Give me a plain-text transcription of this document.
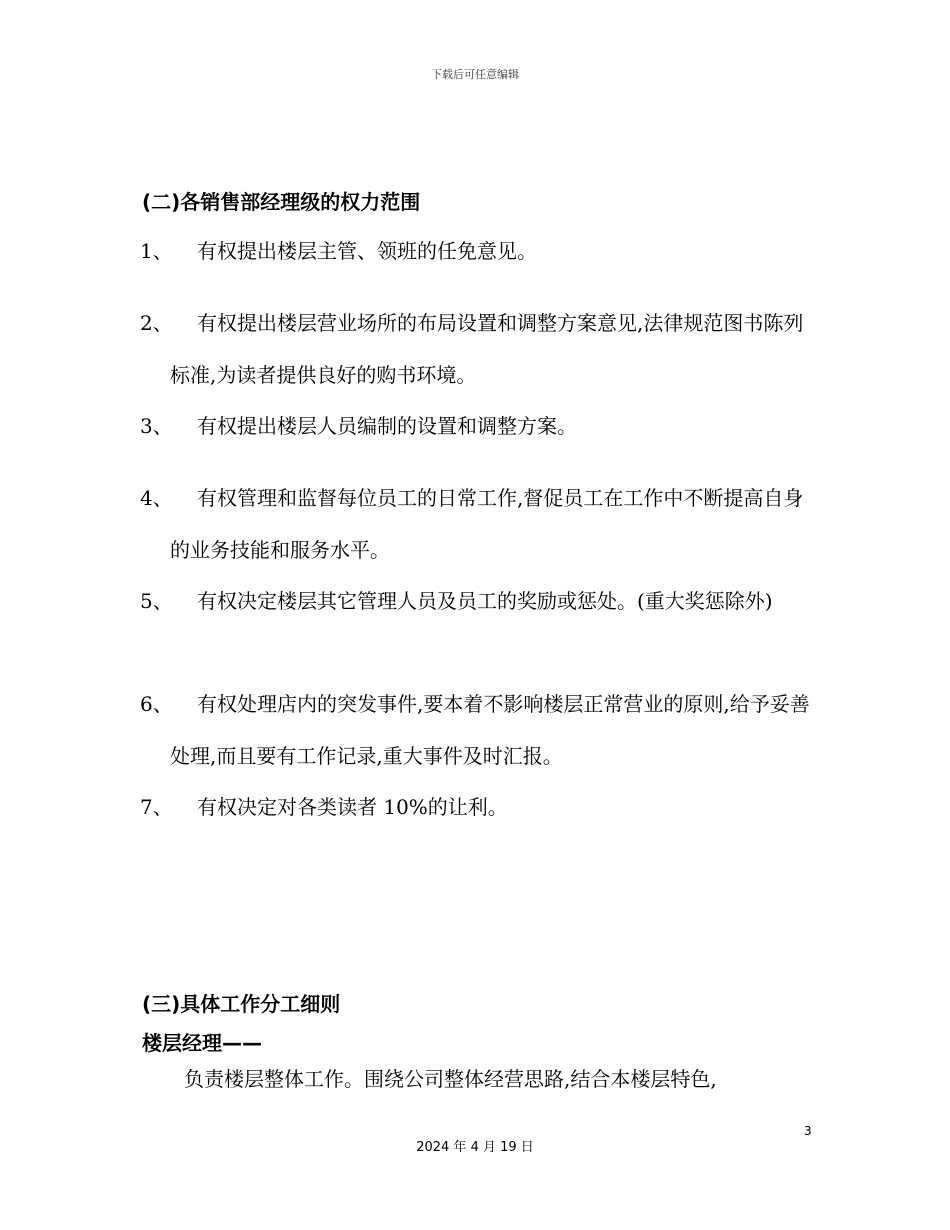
下载后可任意编辑
(二)各销售部经理级的权力范围
1、	有权提出楼层主管、领班的任免意见。
2、	有权提出楼层营业场所的布局设置和调整方案意见,法律规范图书陈列标准,为读者提供良好的购书环境。
3、	有权提出楼层人员编制的设置和调整方案。
4、	有权管理和监督每位员工的日常工作,督促员工在工作中不断提高自身的业务技能和服务水平。
5、	有权决定楼层其它管理人员及员工的奖励或惩处。(重大奖惩除外)
6、	有权处理店内的突发事件,要本着不影响楼层正常营业的原则,给予妥善处理,而且要有工作记录,重大事件及时汇报。
7、	有权决定对各类读者 10%的让利。
(三)具体工作分工细则
楼层经理——
负责楼层整体工作。围绕公司整体经营思路,结合本楼层特色,
3
2024 年 4 月 19 日
